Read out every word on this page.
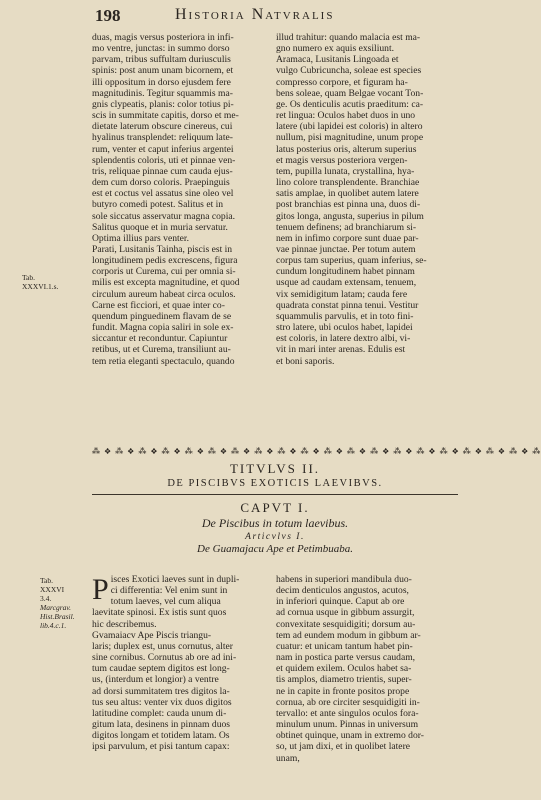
198	Historia Natvralis
Tab.
XXXVI.1.s.
duas, magis versus posteriora in infi-
mo ventre, junctas: in summo dorso
parvam, tribus suffultam duriusculis
spinis: post anum unam bicornem, et
illi oppositum in dorso ejusdem fere
magnitudinis. Tegitur squammis ma-
gnis clypeatis, planis: color totius pi-
scis in summitate capitis, dorso et me-
dietate laterum obscure cinereus, cui
hyalinus transplendet: reliquum late-
rum, venter et caput inferius argentei
splendentis coloris, uti et pinnae ven-
tris, reliquae pinnae cum cauda ejus-
dem cum dorso coloris. Praepinguis
est et coctus vel assatus sine oleo vel
butyro comedi potest. Salitus et in
sole siccatus asservatur magna copia.
Salitus quoque et in muria servatur.
Optima illius pars venter.
Parati, Lusitanis Tainha, piscis est in
longitudinem pedis excrescens, figura
corporis ut Curema, cui per omnia si-
milis est excepta magnitudine, et quod
circulum aureum habeat circa oculos.
Carne est ficciori, et quae inter co-
quendum pinguedinem flavam de se
fundit. Magna copia saliri in sole ex-
siccantur et reconduntur. Capiuntur
retibus, ut et Curema, transiliunt au-
tem retia eleganti spectaculo, quando
illud trahitur: quando malacia est ma-
gno numero ex aquis exsiliunt.
Aramaca, Lusitanis Lingoada et
vulgo Cubricuncha, soleae est species
compresso corpore, et figuram ha-
bens soleae, quam Belgae vocant Ton-
ge. Os denticulis acutis praeditum: ca-
ret lingua: Oculos habet duos in uno
latere (ubi lapidei est coloris) in altero
nullum, pisi magnitudine, unum prope
latus posterius oris, alterum superius
et magis versus posteriora vergen-
tem, pupilla lunata, crystallina, hya-
lino colore transplendente. Branchiae
satis amplae, in quolibet autem latere
post branchias est pinna una, duos di-
gitos longa, angusta, superius in pilum
tenuem definens; ad branchiarum si-
nem in infimo corpore sunt duae par-
vae pinnae junctae. Per totum autem
corpus tam superius, quam inferius, se-
cundum longitudinem habet pinnam
usque ad caudam extensam, tenuem,
vix semidigitum latam; cauda fere
quadrata constat pinna tenui. Vestitur
squammulis parvulis, et in toto fini-
stro latere, ubi oculos habet, lapidei
est coloris, in latere dextro albi, vi-
vit in mari inter arenas. Edulis est
et boni saporis.
⁂ ❖ ⁂ ❖ ⁂ ❖ ⁂ ❖ ⁂ ❖ ⁂ ❖ ⁂ ❖ ⁂ ❖ ⁂ ❖ ⁂ ❖ ⁂ ❖ ⁂ ❖ ⁂ ❖ ⁂ ❖ ⁂ ❖ ⁂ ❖ ⁂ ❖ ⁂ ❖ ⁂ ❖ ⁂
TITVLVS II.
DE PISCIBVS EXOTICIS LAEVIBVS.
CAPVT I.
De Piscibus in totum laevibus.
Articvlvs I.
De Guamajacu Ape et Petimbuaba.
Tab.
XXXVI
3.4.
Marcgrav.
Hist.Brasil.
lib.4.c.1.
P isces Exotici laeves sunt in dupli-
ci differentia: Vel enim sunt in
totum laeves, vel cum aliqua
laevitate spinosi. Ex istis sunt quos
hic describemus.
Gvamaiacv Ape Piscis triangu-
laris; duplex est, unus cornutus, alter
sine cornibus. Cornutus ab ore ad ini-
tum caudae septem digitos est long-
us, (interdum et longior) a ventre
ad dorsi summitatem tres digitos la-
tus seu altus: venter vix duos digitos
latitudine complet: cauda unum di-
gitum lata, desinens in pinnam duos
digitos longam et totidem latam. Os
ipsi parvulum, et pisi tantum capax:
habens in superiori mandibula duo-
decim denticulos angustos, acutos,
in inferiori quinque. Caput ab ore
ad cornua usque in gibbum assurgit,
convexitate sesquidigiti; dorsum au-
tem ad eundem modum in gibbum ar-
cuatur: et unicam tantum habet pin-
nam in postica parte versus caudam,
et quidem exilem. Oculos habet sa-
tis amplos, diametro trientis, super-
ne in capite in fronte positos prope
cornua, ab ore circiter sesquidigiti in-
tervallo: et ante singulos oculos fora-
minulum unum. Pinnas in universum
obtinet quinque, unam in extremo dor-
so, ut jam dixi, et in quolibet latere
unam,
